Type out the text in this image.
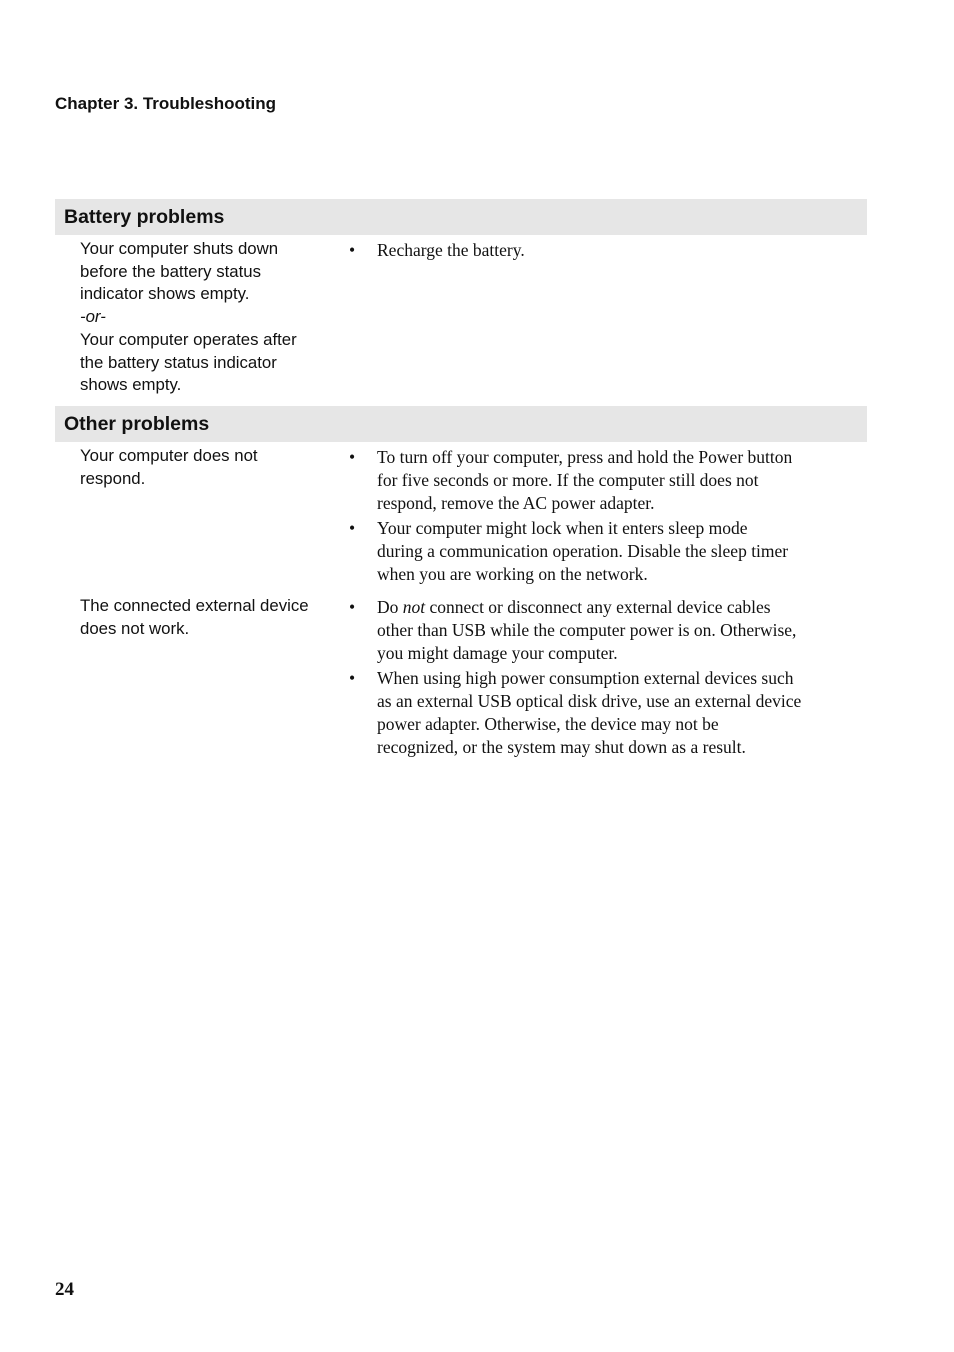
Chapter 3. Troubleshooting
Battery problems
Your computer shuts down
before the battery status
indicator shows empty.
-or-
Your computer operates after
the battery status indicator
shows empty.
• Recharge the battery.
Other problems
Your computer does not
respond.
• To turn off your computer, press and hold the Power button
for five seconds or more. If the computer still does not
respond, remove the AC power adapter.
• Your computer might lock when it enters sleep mode
during a communication operation. Disable the sleep timer
when you are working on the network.
The connected external device
does not work.
• Do not connect or disconnect any external device cables
other than USB while the computer power is on. Otherwise,
you might damage your computer.
• When using high power consumption external devices such
as an external USB optical disk drive, use an external device
power adapter. Otherwise, the device may not be
recognized, or the system may shut down as a result.
24
